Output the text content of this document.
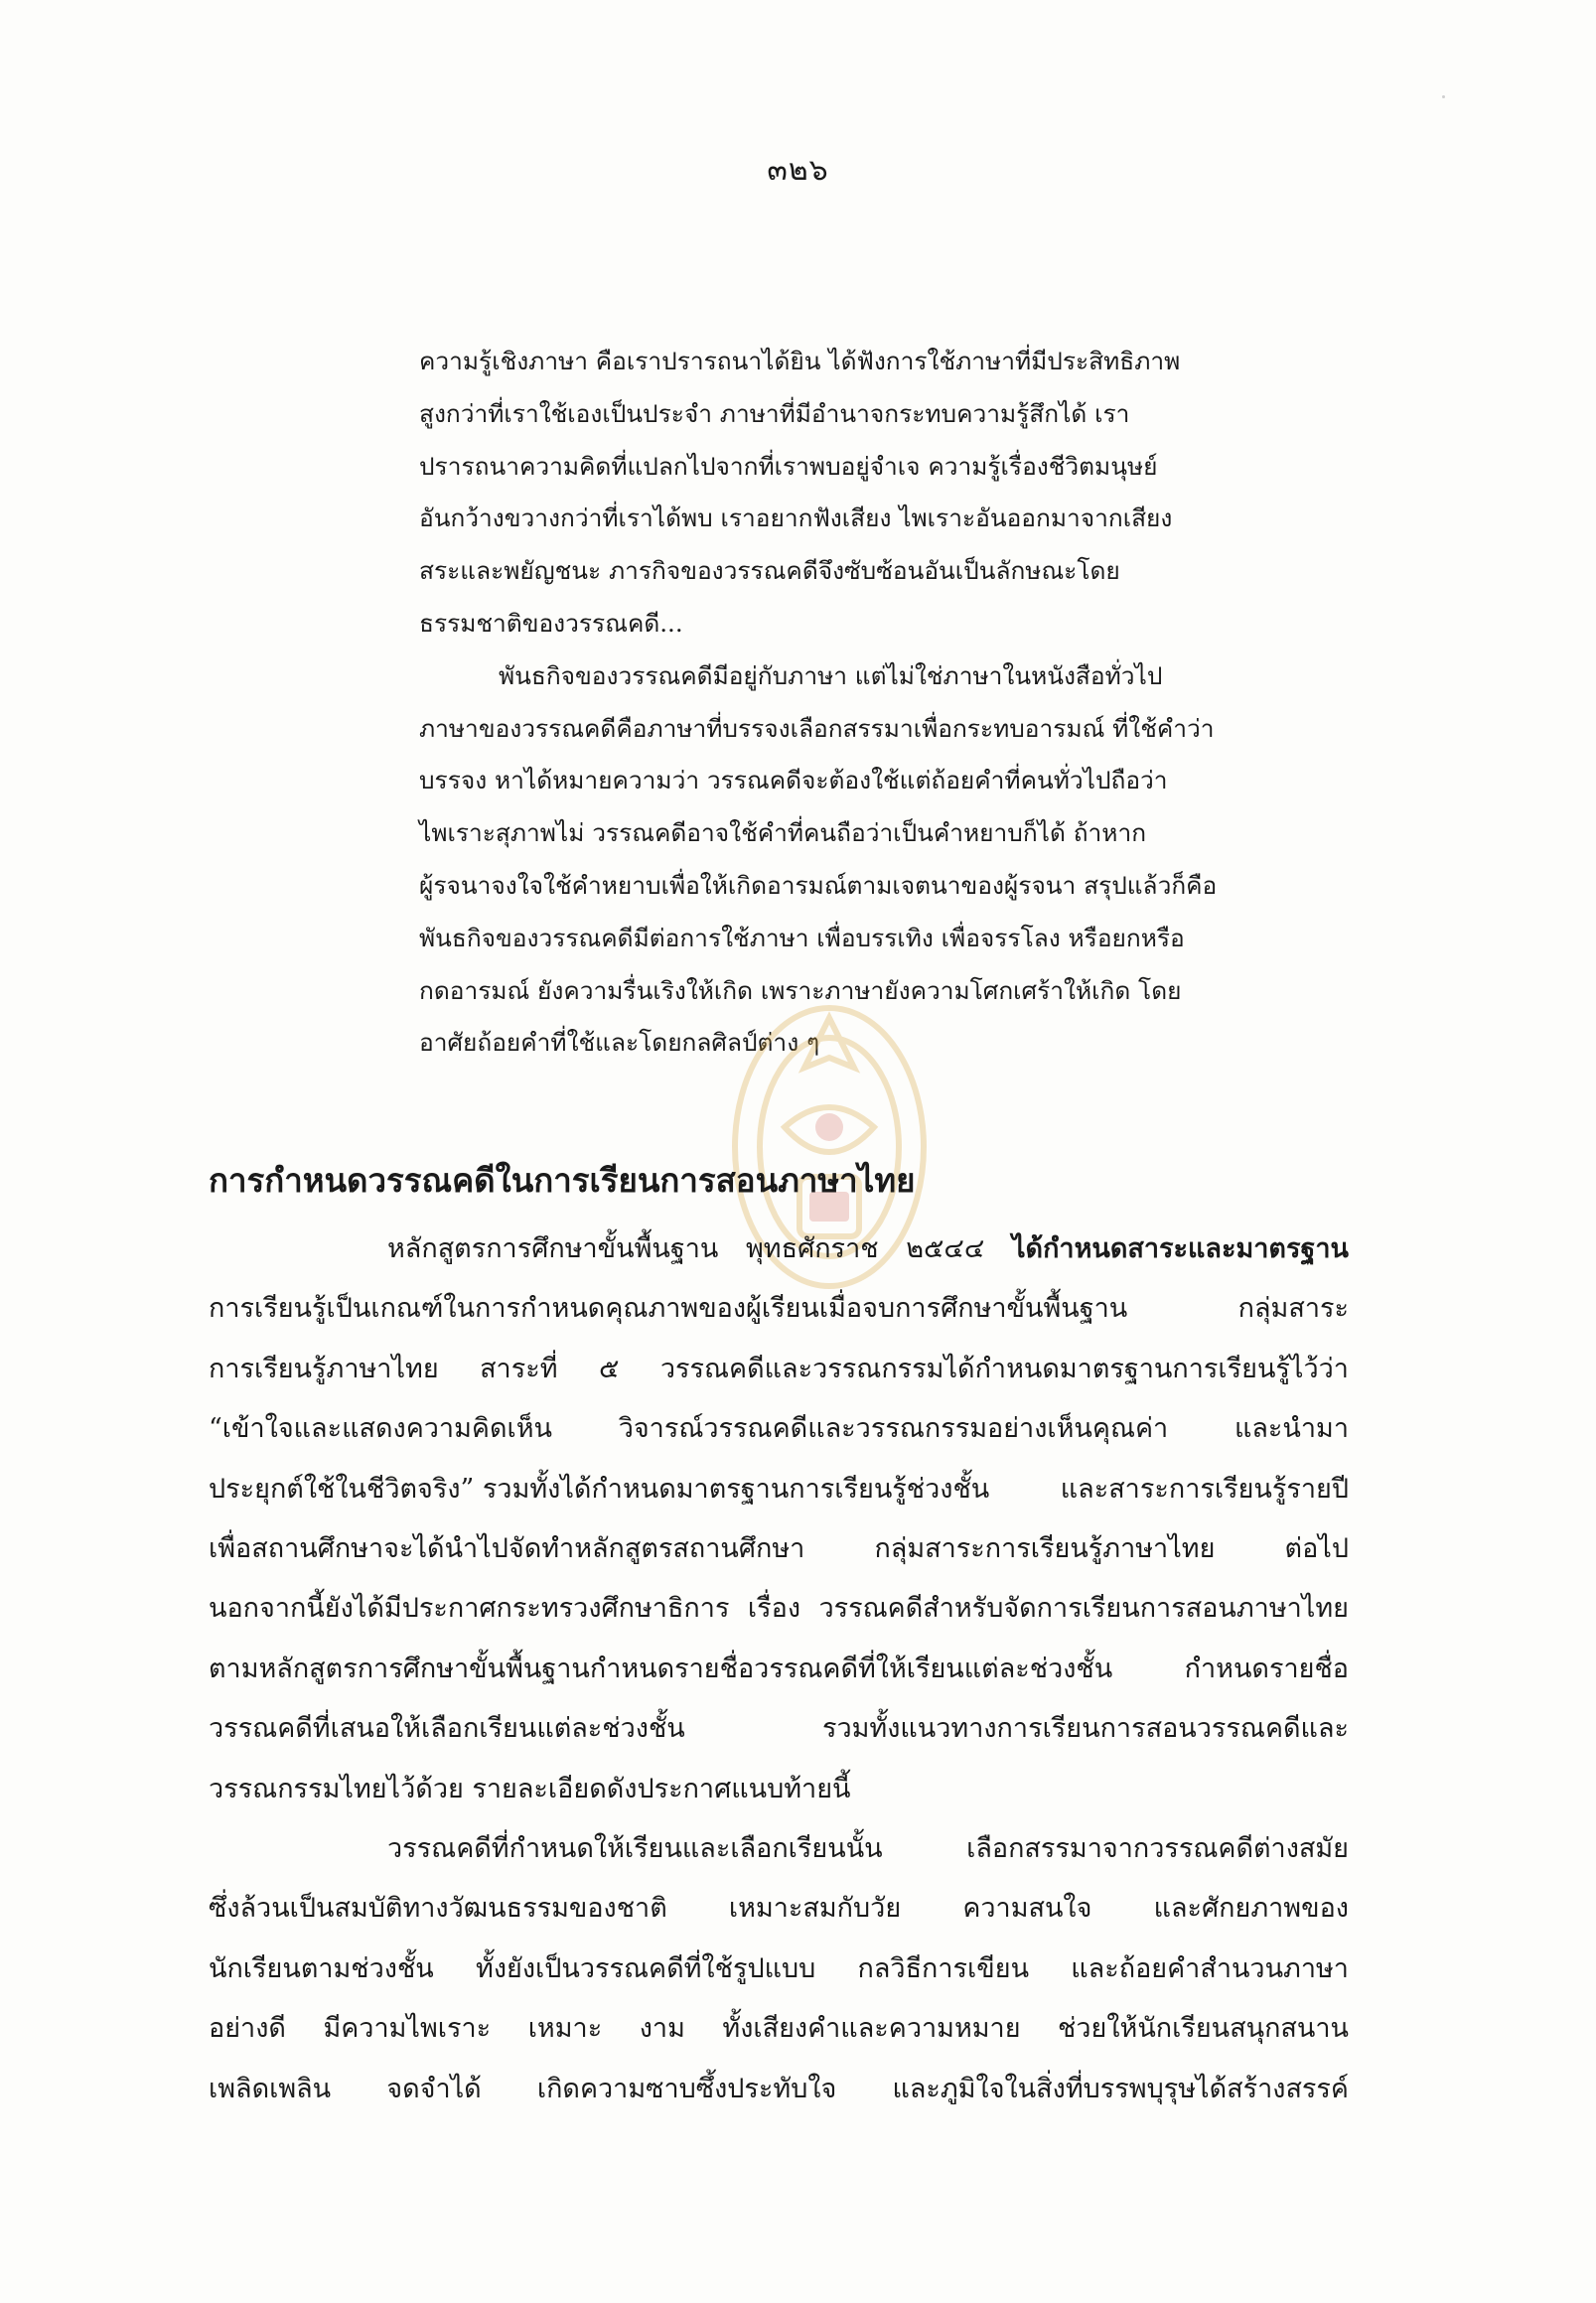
๓๒๖
ความรู้เชิงภาษา คือเราปรารถนาได้ยิน ได้ฟังการใช้ภาษาที่มีประสิทธิภาพ
สูงกว่าที่เราใช้เองเป็นประจำ ภาษาที่มีอำนาจกระทบความรู้สึกได้ เรา
ปรารถนาความคิดที่แปลกไปจากที่เราพบอยู่จำเจ ความรู้เรื่องชีวิตมนุษย์
อันกว้างขวางกว่าที่เราได้พบ เราอยากฟังเสียง ไพเราะอันออกมาจากเสียง
สระและพยัญชนะ ภารกิจของวรรณคดีจึงซับซ้อนอันเป็นลักษณะโดย
ธรรมชาติของวรรณคดี...
พันธกิจของวรรณคดีมีอยู่กับภาษา แต่ไม่ใช่ภาษาในหนังสือทั่วไป
ภาษาของวรรณคดีคือภาษาที่บรรจงเลือกสรรมาเพื่อกระทบอารมณ์ ที่ใช้คำว่า
บรรจง หาได้หมายความว่า วรรณคดีจะต้องใช้แต่ถ้อยคำที่คนทั่วไปถือว่า
ไพเราะสุภาพไม่ วรรณคดีอาจใช้คำที่คนถือว่าเป็นคำหยาบก็ได้ ถ้าหาก
ผู้รจนาจงใจใช้คำหยาบเพื่อให้เกิดอารมณ์ตามเจตนาของผู้รจนา สรุปแล้วก็คือ
พันธกิจของวรรณคดีมีต่อการใช้ภาษา เพื่อบรรเทิง เพื่อจรรโลง หรือยกหรือ
กดอารมณ์ ยังความรื่นเริงให้เกิด เพราะภาษายังความโศกเศร้าให้เกิด โดย
อาศัยถ้อยคำที่ใช้และโดยกลศิลป์ต่าง ๆ
การกำหนดวรรณคดีในการเรียนการสอนภาษาไทย
หลักสูตรการศึกษาขั้นพื้นฐาน พุทธศักราช ๒๕๔๔ ได้กำหนดสาระและมาตรฐาน
การเรียนรู้เป็นเกณฑ์ในการกำหนดคุณภาพของผู้เรียนเมื่อจบการศึกษาขั้นพื้นฐาน	กลุ่มสาระ
การเรียนรู้ภาษาไทย สาระที่ ๕ วรรณคดีและวรรณกรรมได้กำหนดมาตรฐานการเรียนรู้ไว้ว่า
“เข้าใจและแสดงความคิดเห็น วิจารณ์วรรณคดีและวรรณกรรมอย่างเห็นคุณค่า และนำมา
ประยุกต์ใช้ในชีวิตจริง” รวมทั้งได้กำหนดมาตรฐานการเรียนรู้ช่วงชั้น	และสาระการเรียนรู้รายปี
เพื่อสถานศึกษาจะได้นำไปจัดทำหลักสูตรสถานศึกษา	กลุ่มสาระการเรียนรู้ภาษาไทย	ต่อไป
นอกจากนี้ยังได้มีประกาศกระทรวงศึกษาธิการ เรื่อง วรรณคดีสำหรับจัดการเรียนการสอนภาษาไทย
ตามหลักสูตรการศึกษาขั้นพื้นฐานกำหนดรายชื่อวรรณคดีที่ให้เรียนแต่ละช่วงชั้น	กำหนดรายชื่อ
วรรณคดีที่เสนอให้เลือกเรียนแต่ละช่วงชั้น	รวมทั้งแนวทางการเรียนการสอนวรรณคดีและ
วรรณกรรมไทยไว้ด้วย รายละเอียดดังประกาศแนบท้ายนี้
วรรณคดีที่กำหนดให้เรียนและเลือกเรียนนั้น	เลือกสรรมาจากวรรณคดีต่างสมัย
ซึ่งล้วนเป็นสมบัติทางวัฒนธรรมของชาติ เหมาะสมกับวัย ความสนใจ และศักยภาพของ
นักเรียนตามช่วงชั้น ทั้งยังเป็นวรรณคดีที่ใช้รูปแบบ กลวิธีการเขียน และถ้อยคำสำนวนภาษา
อย่างดี มีความไพเราะ เหมาะ งาม ทั้งเสียงคำและความหมาย ช่วยให้นักเรียนสนุกสนาน
เพลิดเพลิน จดจำได้ เกิดความซาบซึ้งประทับใจ และภูมิใจในสิ่งที่บรรพบุรุษได้สร้างสรรค์
